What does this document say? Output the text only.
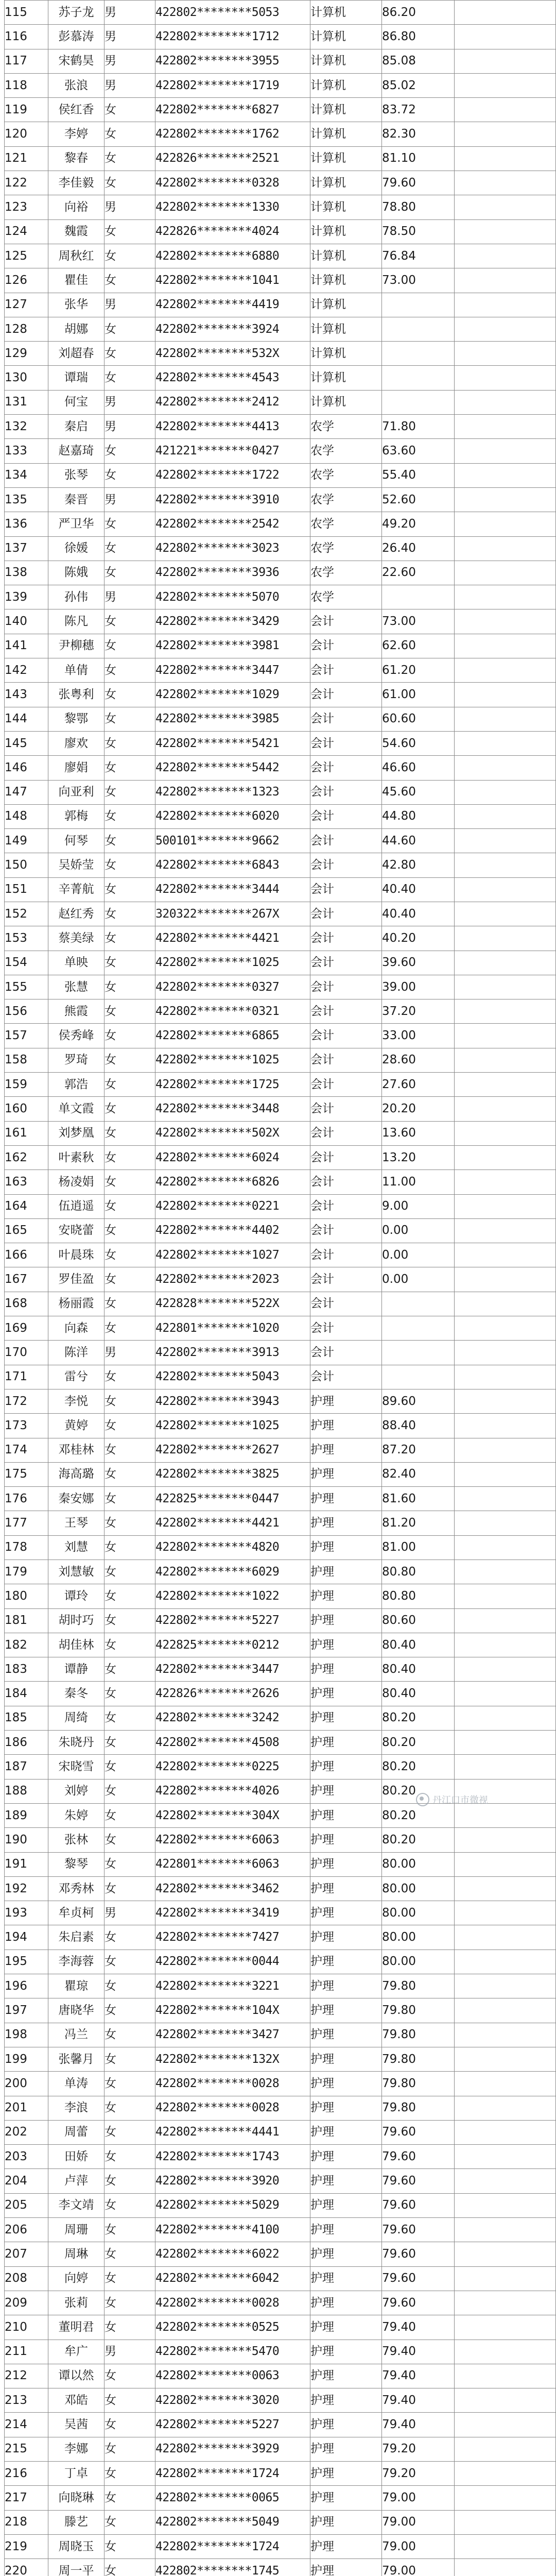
115	苏子龙	男	422802********5053	计算机	86.20	
116	彭慕涛	男	422802********1712	计算机	86.80	
117	宋鹤昊	男	422802********3955	计算机	85.08	
118	张浪	男	422802********1719	计算机	85.02	
119	侯红香	女	422802********6827	计算机	83.72	
120	李婷	女	422802********1762	计算机	82.30	
121	黎春	女	422826********2521	计算机	81.10	
122	李佳毅	女	422802********0328	计算机	79.60	
123	向裕	男	422802********1330	计算机	78.80	
124	魏霞	女	422826********4024	计算机	78.50	
125	周秋红	女	422802********6880	计算机	76.84	
126	瞿佳	女	422802********1041	计算机	73.00	
127	张华	男	422802********4419	计算机		
128	胡娜	女	422802********3924	计算机		
129	刘超春	女	422802********532X	计算机		
130	谭瑞	女	422802********4543	计算机		
131	何宝	男	422802********2412	计算机		
132	秦启	男	422802********4413	农学	71.80	
133	赵嘉琦	女	421221********0427	农学	63.60	
134	张琴	女	422802********1722	农学	55.40	
135	秦晋	男	422802********3910	农学	52.60	
136	严卫华	女	422802********2542	农学	49.20	
137	徐媛	女	422802********3023	农学	26.40	
138	陈娥	女	422802********3936	农学	22.60	
139	孙伟	男	422802********5070	农学		
140	陈凡	女	422802********3429	会计	73.00	
141	尹柳穗	女	422802********3981	会计	62.60	
142	单倩	女	422802********3447	会计	61.20	
143	张粤利	女	422802********1029	会计	61.00	
144	黎鄂	女	422802********3985	会计	60.60	
145	廖欢	女	422802********5421	会计	54.60	
146	廖娟	女	422802********5442	会计	46.60	
147	向亚利	女	422802********1323	会计	45.60	
148	郭梅	女	422802********6020	会计	44.80	
149	何琴	女	500101********9662	会计	44.60	
150	吴娇莹	女	422802********6843	会计	42.80	
151	辛菁航	女	422802********3444	会计	40.40	
152	赵红秀	女	320322********267X	会计	40.40	
153	蔡美绿	女	422802********4421	会计	40.20	
154	单映	女	422802********1025	会计	39.60	
155	张慧	女	422802********0327	会计	39.00	
156	熊霞	女	422802********0321	会计	37.20	
157	侯秀峰	女	422802********6865	会计	33.00	
158	罗琦	女	422802********1025	会计	28.60	
159	郭浩	女	422802********1725	会计	27.60	
160	单文霞	女	422802********3448	会计	20.20	
161	刘梦凰	女	422802********502X	会计	13.60	
162	叶素秋	女	422802********6024	会计	13.20	
163	杨凌娟	女	422802********6826	会计	11.00	
164	伍逍遥	女	422802********0221	会计	9.00	
165	安晓蕾	女	422802********4402	会计	0.00	
166	叶晨珠	女	422802********1027	会计	0.00	
167	罗佳盈	女	422802********2023	会计	0.00	
168	杨丽霞	女	422828********522X	会计		
169	向森	女	422801********1020	会计		
170	陈洋	男	422802********3913	会计		
171	雷兮	女	422802********5043	会计		
172	李悦	女	422802********3943	护理	89.60	
173	黄婷	女	422802********1025	护理	88.40	
174	邓桂林	女	422802********2627	护理	87.20	
175	海高璐	女	422802********3825	护理	82.40	
176	秦安娜	女	422825********0447	护理	81.60	
177	王琴	女	422802********4421	护理	81.20	
178	刘慧	女	422802********4820	护理	81.00	
179	刘慧敏	女	422802********6029	护理	80.80	
180	谭玲	女	422802********1022	护理	80.80	
181	胡时巧	女	422802********5227	护理	80.60	
182	胡佳林	女	422825********0212	护理	80.40	
183	谭静	女	422802********3447	护理	80.40	
184	秦冬	女	422826********2626	护理	80.40	
185	周绮	女	422802********3242	护理	80.20	
186	朱晓丹	女	422802********4508	护理	80.20	
187	宋晓雪	女	422802********0225	护理	80.20	
188	刘婷	女	422802********4026	护理	80.20	
189	朱婷	女	422802********304X	护理	80.20	
190	张林	女	422802********6063	护理	80.20	
191	黎琴	女	422801********6063	护理	80.00	
192	邓秀林	女	422802********3462	护理	80.00	
193	牟贞柯	男	422802********3419	护理	80.00	
194	朱启素	女	422802********7427	护理	80.00	
195	李海蓉	女	422802********0044	护理	80.00	
196	瞿琼	女	422802********3221	护理	79.80	
197	唐晓华	女	422802********104X	护理	79.80	
198	冯兰	女	422802********3427	护理	79.80	
199	张馨月	女	422802********132X	护理	79.80	
200	单涛	女	422802********0028	护理	79.80	
201	李浪	女	422802********0028	护理	79.80	
202	周蕾	女	422802********4441	护理	79.60	
203	田娇	女	422802********1743	护理	79.60	
204	卢萍	女	422802********3920	护理	79.60	
205	李文靖	女	422802********5029	护理	79.60	
206	周珊	女	422802********4100	护理	79.60	
207	周琳	女	422802********6022	护理	79.60	
208	向婷	女	422802********6042	护理	79.60	
209	张莉	女	422802********0028	护理	79.60	
210	董明君	女	422802********0525	护理	79.40	
211	牟广	男	422802********5470	护理	79.40	
212	谭以然	女	422802********0063	护理	79.40	
213	邓皓	女	422802********3020	护理	79.40	
214	吴茜	女	422802********5227	护理	79.40	
215	李娜	女	422802********3929	护理	79.20	
216	丁卓	女	422802********1724	护理	79.20	
217	向晓琳	女	422802********0065	护理	79.00	
218	滕艺	女	422802********5049	护理	79.00	
219	周晓玉	女	422802********1724	护理	79.00	
220	周一平	女	422802********1745	护理	79.00	

丹江口市微视
